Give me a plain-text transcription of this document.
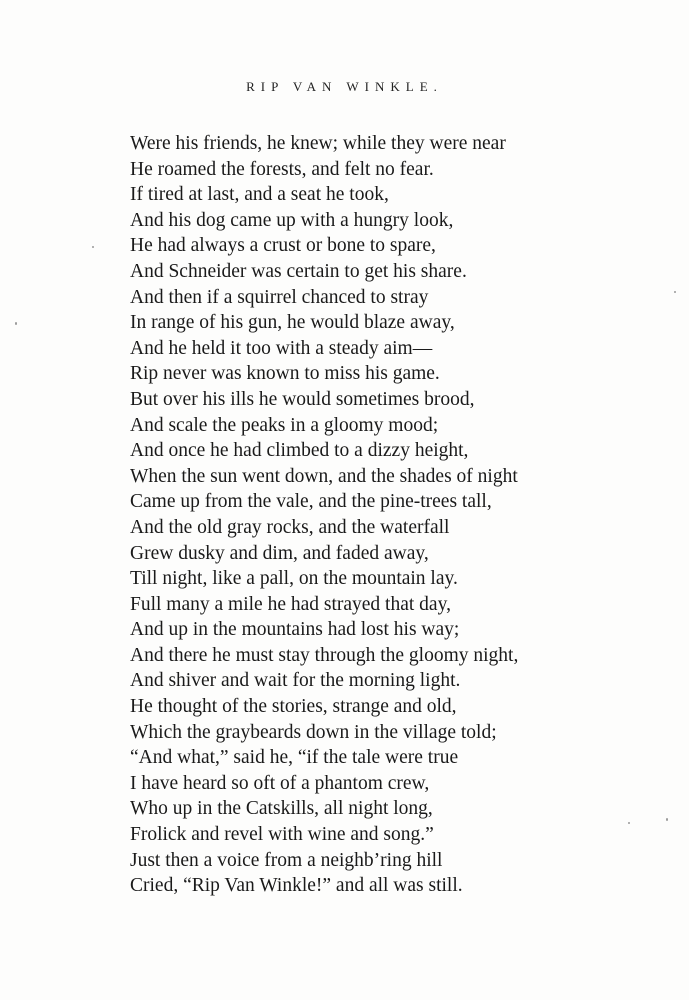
RIP VAN WINKLE.
Were his friends, he knew; while they were near
He roamed the forests, and felt no fear.
If tired at last, and a seat he took,
And his dog came up with a hungry look,
He had always a crust or bone to spare,
And Schneider was certain to get his share.
And then if a squirrel chanced to stray
In range of his gun, he would blaze away,
And he held it too with a steady aim—
Rip never was known to miss his game.
But over his ills he would sometimes brood,
And scale the peaks in a gloomy mood;
And once he had climbed to a dizzy height,
When the sun went down, and the shades of night
Came up from the vale, and the pine-trees tall,
And the old gray rocks, and the waterfall
Grew dusky and dim, and faded away,
Till night, like a pall, on the mountain lay.
Full many a mile he had strayed that day,
And up in the mountains had lost his way;
And there he must stay through the gloomy night,
And shiver and wait for the morning light.
He thought of the stories, strange and old,
Which the graybeards down in the village told;
“And what,” said he, “if the tale were true
I have heard so oft of a phantom crew,
Who up in the Catskills, all night long,
Frolick and revel with wine and song.”
Just then a voice from a neighb’ring hill
Cried, “Rip Van Winkle!” and all was still.
